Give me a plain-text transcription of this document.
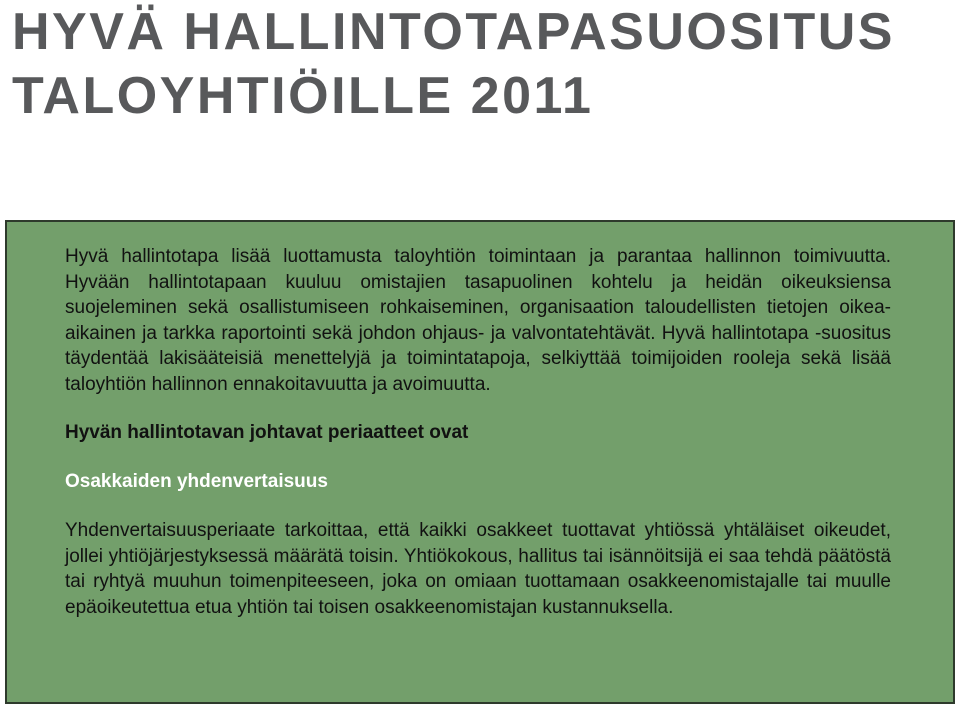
HYVÄ HALLINTOTAPASUOSITUS
TALOYHTIÖILLE 2011

Hyvä hallintotapa lisää luottamusta taloyhtiön toimintaan ja parantaa hallinnon toimivuutta. Hyvään hallintotapaan kuuluu omistajien tasapuolinen kohtelu ja heidän oikeuksiensa suojeleminen sekä osallistumiseen rohkaiseminen, organisaation taloudellisten tietojen oikea-aikainen ja tarkka raportointi sekä johdon ohjaus- ja valvontatehtävät. Hyvä hallintotapa -suositus täydentää lakisääteisiä menettelyjä ja toimintatapoja, selkiyttää toimijoiden rooleja sekä lisää taloyhtiön hallinnon ennakoitavuutta ja avoimuutta.

Hyvän hallintotavan johtavat periaatteet ovat

Osakkaiden yhdenvertaisuus

Yhdenvertaisuusperiaate tarkoittaa, että kaikki osakkeet tuottavat yhtiössä yhtäläiset oikeudet, jollei yhtiöjärjestyksessä määrätä toisin. Yhtiökokous, hallitus tai isännöitsijä ei saa tehdä päätöstä tai ryhtyä muuhun toimenpiteeseen, joka on omiaan tuottamaan osakkeenomistajalle tai muulle epäoikeutettua etua yhtiön tai toisen osakkeenomistajan kustannuksella.
